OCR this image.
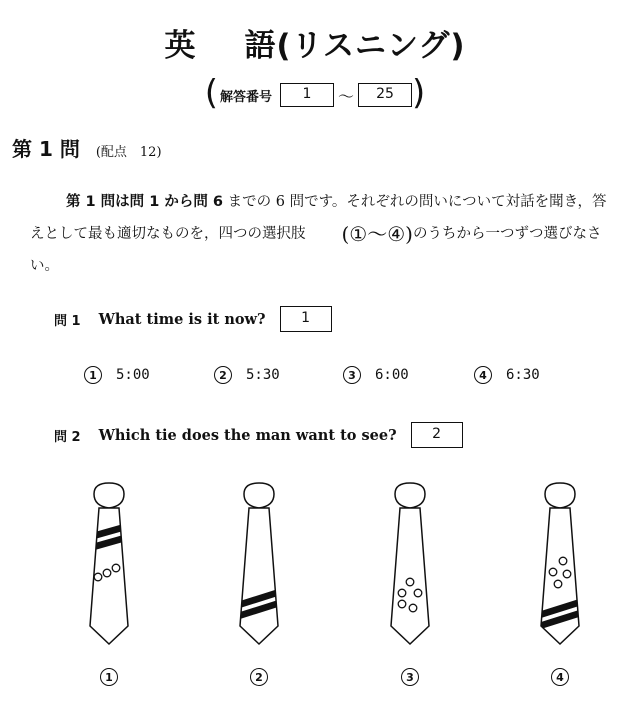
英 語(リスニング)
( 解答番号	1	～	25 )
第 1 問 (配点　12)
第 1 問は問 1 から問 6 までの 6 問です。それぞれの問いについて対話を聞き，答えとして最も適切なものを，四つの選択肢 (①～④)のうちから一つずつ選びなさい。
問 1 What time is it now?	1
1	5:00	2	5:30	3	6:00	4	6:30
問 2 Which tie does the man want to see?	2
1	2	3	4
